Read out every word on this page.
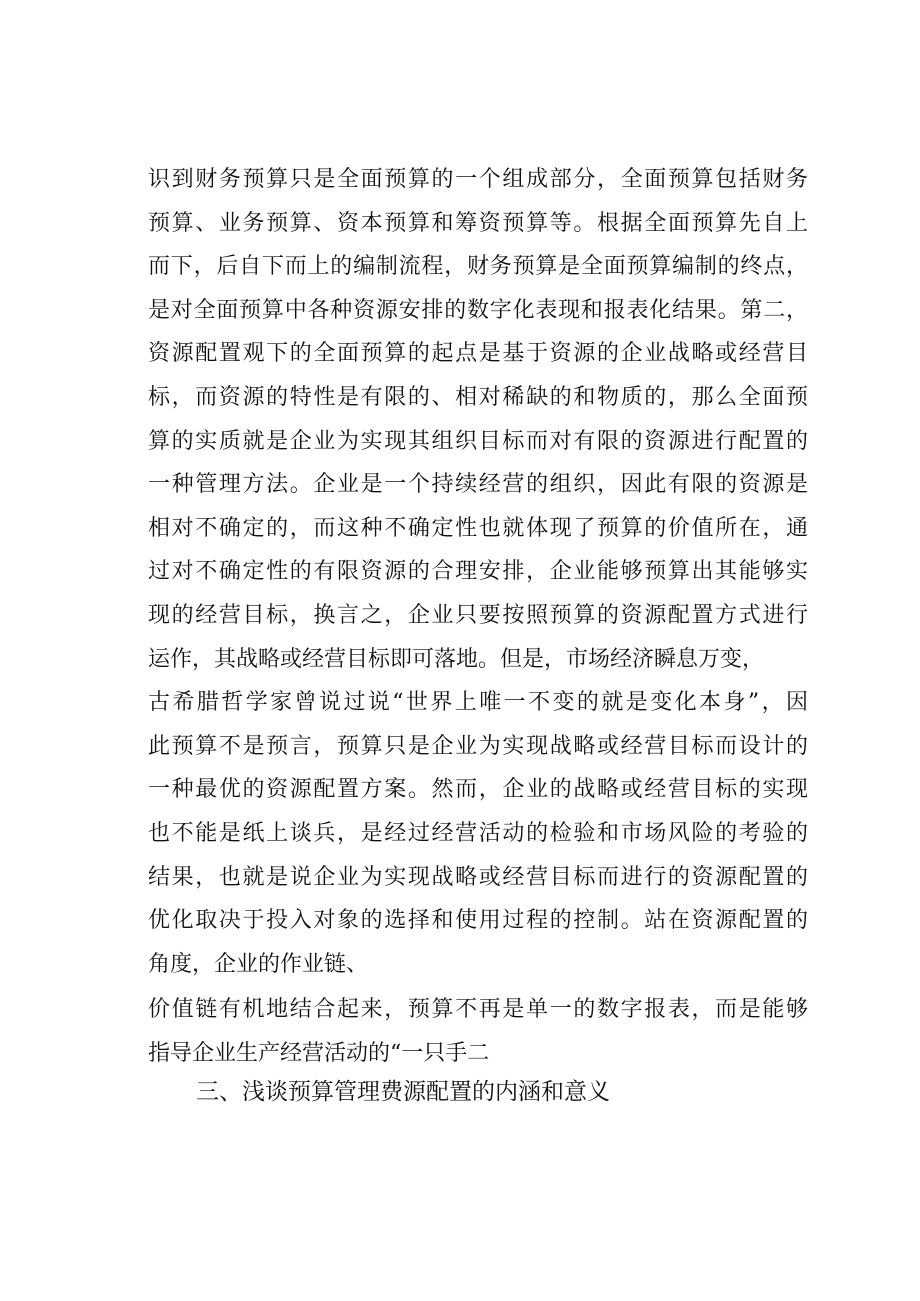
识到财务预算只是全面预算的一个组成部分，全面预算包括财务
预算、业务预算、资本预算和筹资预算等。根据全面预算先自上
而下，后自下而上的编制流程，财务预算是全面预算编制的终点，
是对全面预算中各种资源安排的数字化表现和报表化结果。第二，
资源配置观下的全面预算的起点是基于资源的企业战略或经营目
标，而资源的特性是有限的、相对稀缺的和物质的，那么全面预
算的实质就是企业为实现其组织目标而对有限的资源进行配置的
一种管理方法。企业是一个持续经营的组织，因此有限的资源是
相对不确定的，而这种不确定性也就体现了预算的价值所在，通
过对不确定性的有限资源的合理安排，企业能够预算出其能够实
现的经营目标，换言之，企业只要按照预算的资源配置方式进行
运作，其战略或经营目标即可落地。但是，市场经济瞬息万变，
古希腊哲学家曾说过说“世界上唯一不变的就是变化本身”，因
此预算不是预言，预算只是企业为实现战略或经营目标而设计的
一种最优的资源配置方案。然而，企业的战略或经营目标的实现
也不能是纸上谈兵，是经过经营活动的检验和市场风险的考验的
结果，也就是说企业为实现战略或经营目标而进行的资源配置的
优化取决于投入对象的选择和使用过程的控制。站在资源配置的
角度，企业的作业链、
价值链有机地结合起来，预算不再是单一的数字报表，而是能够
指导企业生产经营活动的“一只手二
三、浅谈预算管理费源配置的内涵和意义
